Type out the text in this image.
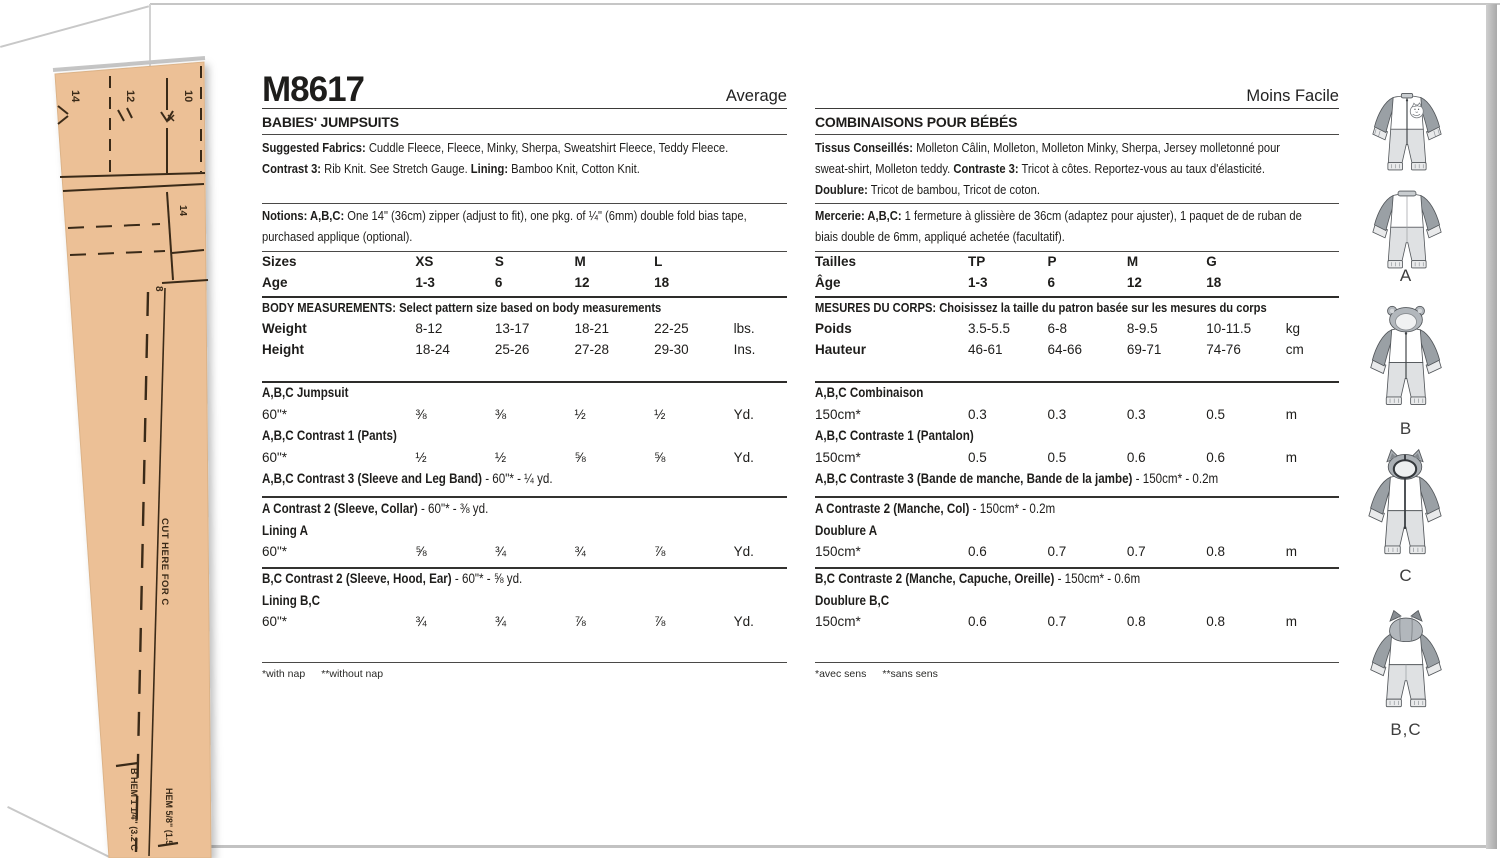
M8617	Average
BABIES' JUMPSUITS
Suggested Fabrics: Cuddle Fleece, Fleece, Minky, Sherpa, Sweatshirt Fleece, Teddy Fleece.
Contrast 3: Rib Knit. See Stretch Gauge. Lining: Bamboo Knit, Cotton Knit.
Notions: A,B,C: One 14" (36cm) zipper (adjust to fit), one pkg. of ¼" (6mm) double fold bias tape,
purchased applique (optional).
Sizes	XS	S	M	L
Age	1-3	6	12	18
BODY MEASUREMENTS: Select pattern size based on body measurements
Weight	8-12	13-17	18-21	22-25	lbs.
Height	18-24	25-26	27-28	29-30	Ins.
A,B,C Jumpsuit
60"*	⅜	⅜	½	½	Yd.
A,B,C Contrast 1 (Pants)
60"*	½	½	⅝	⅝	Yd.
A,B,C Contrast 3 (Sleeve and Leg Band) - 60"* - ¼ yd.
A Contrast 2 (Sleeve, Collar) - 60"* - ⅜ yd.
Lining A
60"*	⅝	¾	¾	⅞	Yd.
B,C Contrast 2 (Sleeve, Hood, Ear) - 60"* - ⅝ yd.
Lining B,C
60"*	¾	¾	⅞	⅞	Yd.
*with nap **without nap
Moins Facile
COMBINAISONS POUR BÉBÉS
Tissus Conseillés: Molleton Câlin, Molleton, Molleton Minky, Sherpa, Jersey molletonné pour
sweat-shirt, Molleton teddy. Contraste 3: Tricot à côtes. Reportez-vous au taux d'élasticité.
Doublure: Tricot de bambou, Tricot de coton.
Mercerie: A,B,C: 1 fermeture à glissière de 36cm (adaptez pour ajuster), 1 paquet de de ruban de
biais double de 6mm, appliqué achetée (facultatif).
Tailles	TP	P	M	G
Âge	1-3	6	12	18
MESURES DU CORPS: Choisissez la taille du patron basée sur les mesures du corps
Poids	3.5-5.5	6-8	8-9.5	10-11.5	kg
Hauteur	46-61	64-66	69-71	74-76	cm
A,B,C Combinaison
150cm*	0.3	0.3	0.3	0.5	m
A,B,C Contraste 1 (Pantalon)
150cm*	0.5	0.5	0.6	0.6	m
A,B,C Contraste 3 (Bande de manche, Bande de la jambe) - 150cm* - 0.2m
A Contraste 2 (Manche, Col) - 150cm* - 0.2m
Doublure A
150cm*	0.6	0.7	0.7	0.8	m
B,C Contraste 2 (Manche, Capuche, Oreille) - 150cm* - 0.6m
Doublure B,C
150cm*	0.6	0.7	0.8	0.8	m
*avec sens **sans sens
A
B
C
B,C
14	12	10
14
8
CUT HERE FOR C
B HEM 1 1/4" (3.2 C	HEM 5/8" (1.5
